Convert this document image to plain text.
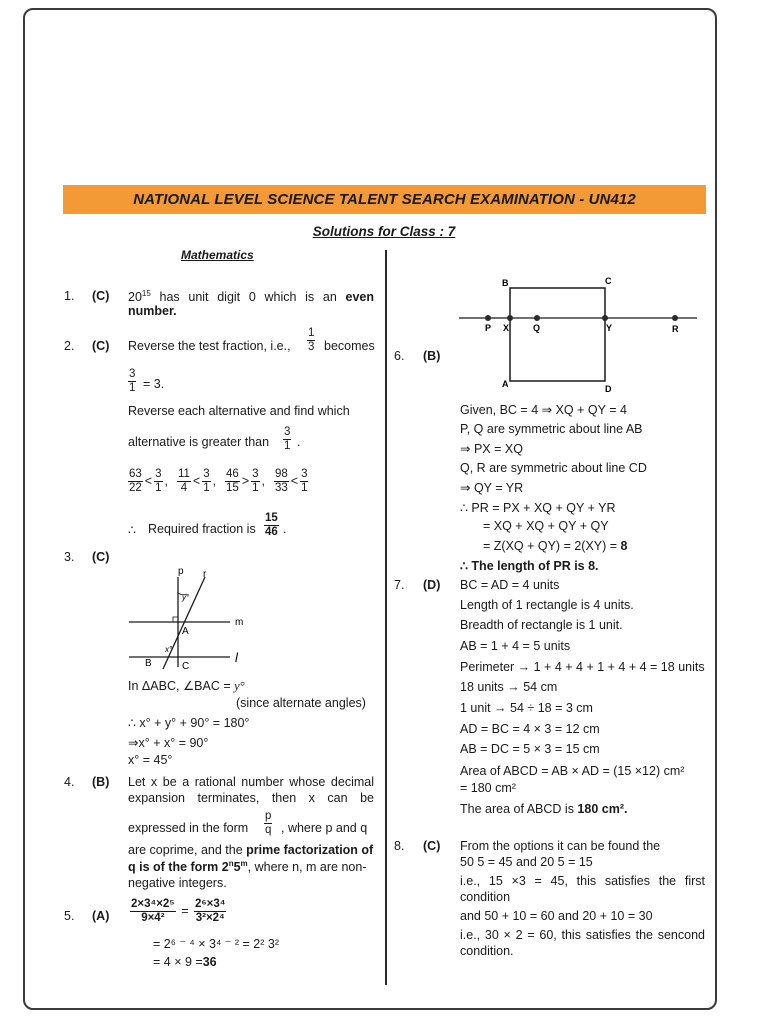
NATIONAL LEVEL SCIENCE TALENT SEARCH EXAMINATION - UN412
Solutions for Class : 7
Mathematics
1. (C) $20^{15}$ has unit digit 0 which is an even
number.
2. (C) Reverse the test fraction, i.e., $\frac{1}{3}$ becomes
$\frac{3}{1} = 3$.
Reverse each alternative and find which
alternative is greater than $\frac{3}{1}$ .
$\frac{63}{22} < \frac{3}{1}$ , $\frac{11}{4} < \frac{3}{1}$ , $\frac{46}{15} > \frac{3}{1}$ , $\frac{98}{33} < \frac{3}{1}$
∴ Required fraction is $\frac{15}{46}$ .
3. (C)
p r
m
l
A
B	C
y°
x°
In ΔABC, ∠BAC = y°
(since alternate angles)
∴ x° + y° + 90° = 180°
⇒x° + x° = 90°
x° = 45°
4. (B) Let x be a rational number whose decimal
expansion terminates, then x can be
expressed in the form $\frac{p}{q}$ , where p and q
are coprime, and the prime factorization of
q is of the form 2$^n$5$^m$, where n, m are non-
negative integers.
5. $(A) \frac{\text{2×3⁴×2⁵}}{\text{9×4²}} = \frac{\text{2⁶×3⁴}}{\text{3²×2⁴}}$
= 2⁶ ⁻ ⁴ × 3⁴ ⁻ ² = 2² 3²
= 4 × 9 =36
B	C
P X	Q	Y	R
A	D
6. (B)
Given, BC = 4 ⇒ XQ + QY = 4
P, Q are symmetric about line AB
⇒ PX = XQ
Q, R are symmetric about line CD
⇒ QY = YR
∴ PR = PX + XQ + QY + YR
= XQ + XQ + QY + QY
= Z(XQ + QY) = 2(XY) = 8
∴ The length of PR is 8.
7. (D) BC = AD = 4 units
Length of 1 rectangle is 4 units.
Breadth of rectangle is 1 unit.
AB = 1 + 4 = 5 units
Perimeter → 1 + 4 + 4 + 1 + 4 + 4 = 18 units
18 units → 54 cm
1 unit → 54 ÷ 18 = 3 cm
AD = BC = 4 × 3 = 12 cm
AB = DC = 5 × 3 = 15 cm
Area of ABCD = AB × AD = (15 ×12) cm²
= 180 cm²
The area of ABCD is 180 cm².
8. (C) From the options it can be found the
50 5 = 45 and 20 5 = 15
i.e., 15 ×3 = 45, this satisfies the first
condition
and 50 + 10 = 60 and 20 + 10 = 30
i.e., 30 × 2 = 60, this satisfies the sencond
condition.
